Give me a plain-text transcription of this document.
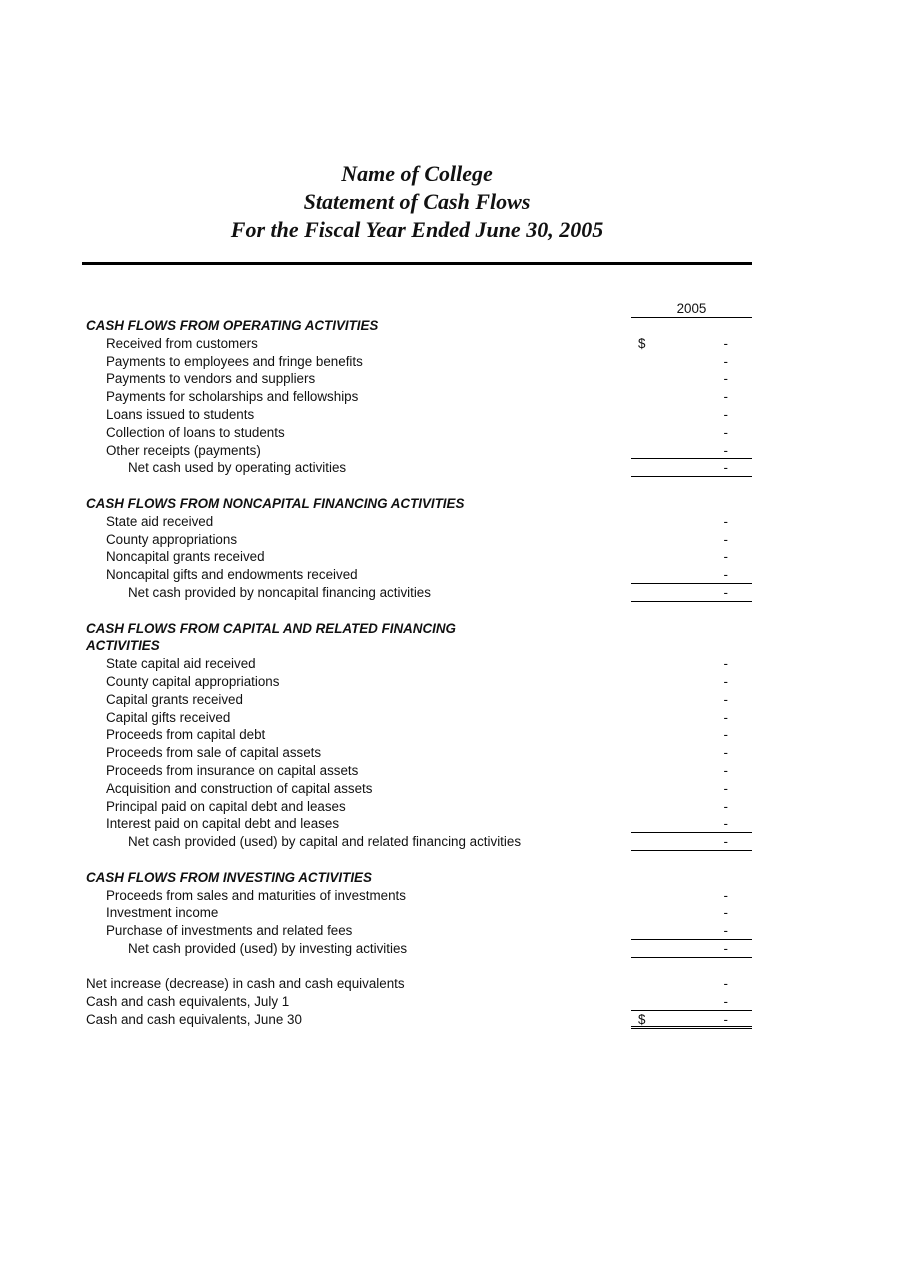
Name of College
Statement of Cash Flows
For the Fiscal Year Ended June 30, 2005
2005
CASH FLOWS FROM OPERATING ACTIVITIES
Received from customers	$	-
Payments to employees and fringe benefits	-
Payments to vendors and suppliers	-
Payments for scholarships and fellowships	-
Loans issued to students	-
Collection of loans to students	-
Other receipts (payments)	-
Net cash used by operating activities	-
CASH FLOWS FROM NONCAPITAL FINANCING ACTIVITIES
State aid received	-
County appropriations	-
Noncapital grants received	-
Noncapital gifts and endowments received	-
Net cash provided by noncapital financing activities	-
CASH FLOWS FROM CAPITAL AND RELATED FINANCING
ACTIVITIES
State capital aid received	-
County capital appropriations	-
Capital grants received	-
Capital gifts received	-
Proceeds from capital debt	-
Proceeds from sale of capital assets	-
Proceeds from insurance on capital assets	-
Acquisition and construction of capital assets	-
Principal paid on capital debt and leases	-
Interest paid on capital debt and leases	-
Net cash provided (used) by capital and related financing activities	-
CASH FLOWS FROM INVESTING ACTIVITIES
Proceeds from sales and maturities of investments	-
Investment income	-
Purchase of investments and related fees	-
Net cash provided (used) by investing activities	-
Net increase (decrease) in cash and cash equivalents	-
Cash and cash equivalents, July 1	-
Cash and cash equivalents, June 30	$	-
